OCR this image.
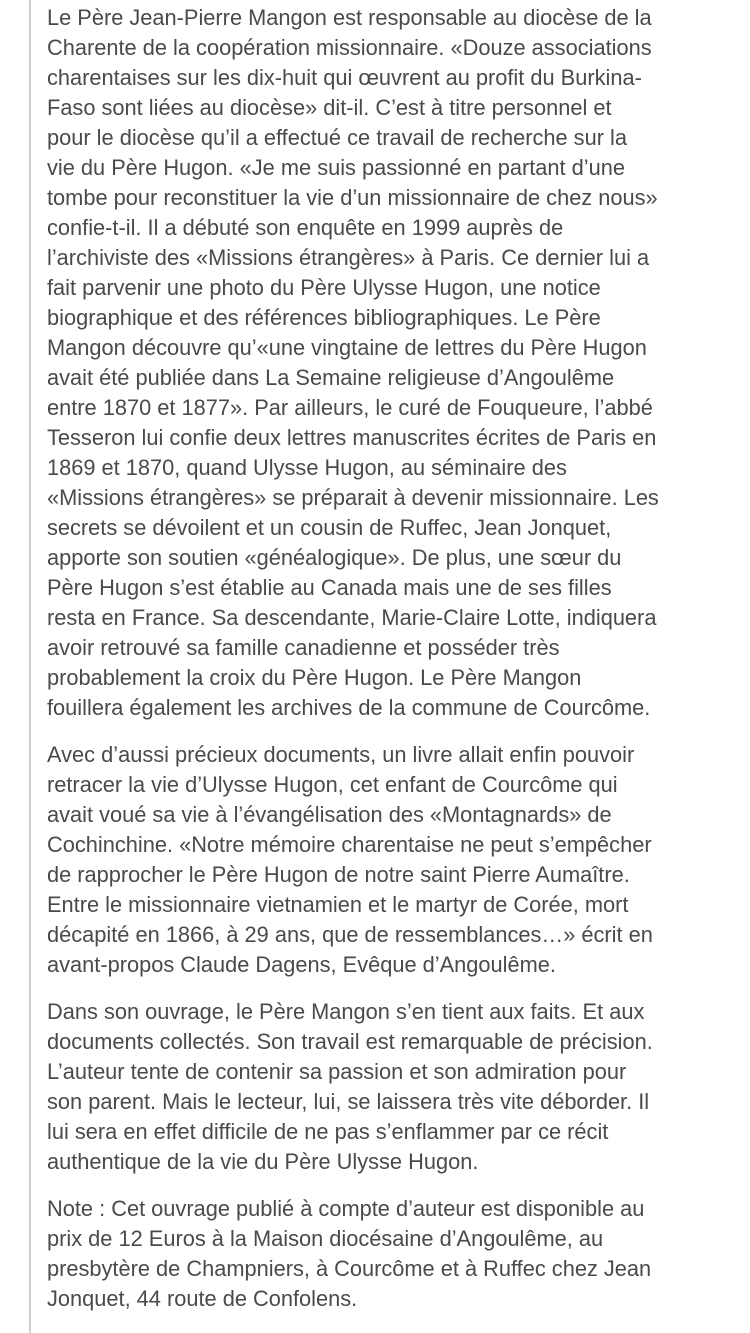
Le Père Jean-Pierre Mangon est responsable au diocèse de la
Charente de la coopération missionnaire. «Douze associations
charentaises sur les dix-huit qui œuvrent au profit du Burkina-
Faso sont liées au diocèse» dit-il. C’est à titre personnel et
pour le diocèse qu’il a effectué ce travail de recherche sur la
vie du Père Hugon. «Je me suis passionné en partant d’une
tombe pour reconstituer la vie d’un missionnaire de chez nous»
confie-t-il. Il a débuté son enquête en 1999 auprès de
l’archiviste des «Missions étrangères» à Paris. Ce dernier lui a
fait parvenir une photo du Père Ulysse Hugon, une notice
biographique et des références bibliographiques. Le Père
Mangon découvre qu’«une vingtaine de lettres du Père Hugon
avait été publiée dans La Semaine religieuse d’Angoulême
entre 1870 et 1877». Par ailleurs, le curé de Fouqueure, l’abbé
Tesseron lui confie deux lettres manuscrites écrites de Paris en
1869 et 1870, quand Ulysse Hugon, au séminaire des
«Missions étrangères» se préparait à devenir missionnaire. Les
secrets se dévoilent et un cousin de Ruffec, Jean Jonquet,
apporte son soutien «généalogique». De plus, une sœur du
Père Hugon s’est établie au Canada mais une de ses filles
resta en France. Sa descendante, Marie-Claire Lotte, indiquera
avoir retrouvé sa famille canadienne et posséder très
probablement la croix du Père Hugon. Le Père Mangon
fouillera également les archives de la commune de Courcôme.

Avec d’aussi précieux documents, un livre allait enfin pouvoir
retracer la vie d’Ulysse Hugon, cet enfant de Courcôme qui
avait voué sa vie à l’évangélisation des «Montagnards» de
Cochinchine. «Notre mémoire charentaise ne peut s’empêcher
de rapprocher le Père Hugon de notre saint Pierre Aumaître.
Entre le missionnaire vietnamien et le martyr de Corée, mort
décapité en 1866, à 29 ans, que de ressemblances…» écrit en
avant-propos Claude Dagens, Evêque d’Angoulême.

Dans son ouvrage, le Père Mangon s’en tient aux faits. Et aux
documents collectés. Son travail est remarquable de précision.
L’auteur tente de contenir sa passion et son admiration pour
son parent. Mais le lecteur, lui, se laissera très vite déborder. Il
lui sera en effet difficile de ne pas s’enflammer par ce récit
authentique de la vie du Père Ulysse Hugon.

Note : Cet ouvrage publié à compte d’auteur est disponible au
prix de 12 Euros à la Maison diocésaine d’Angoulême, au
presbytère de Champniers, à Courcôme et à Ruffec chez Jean
Jonquet, 44 route de Confolens.
